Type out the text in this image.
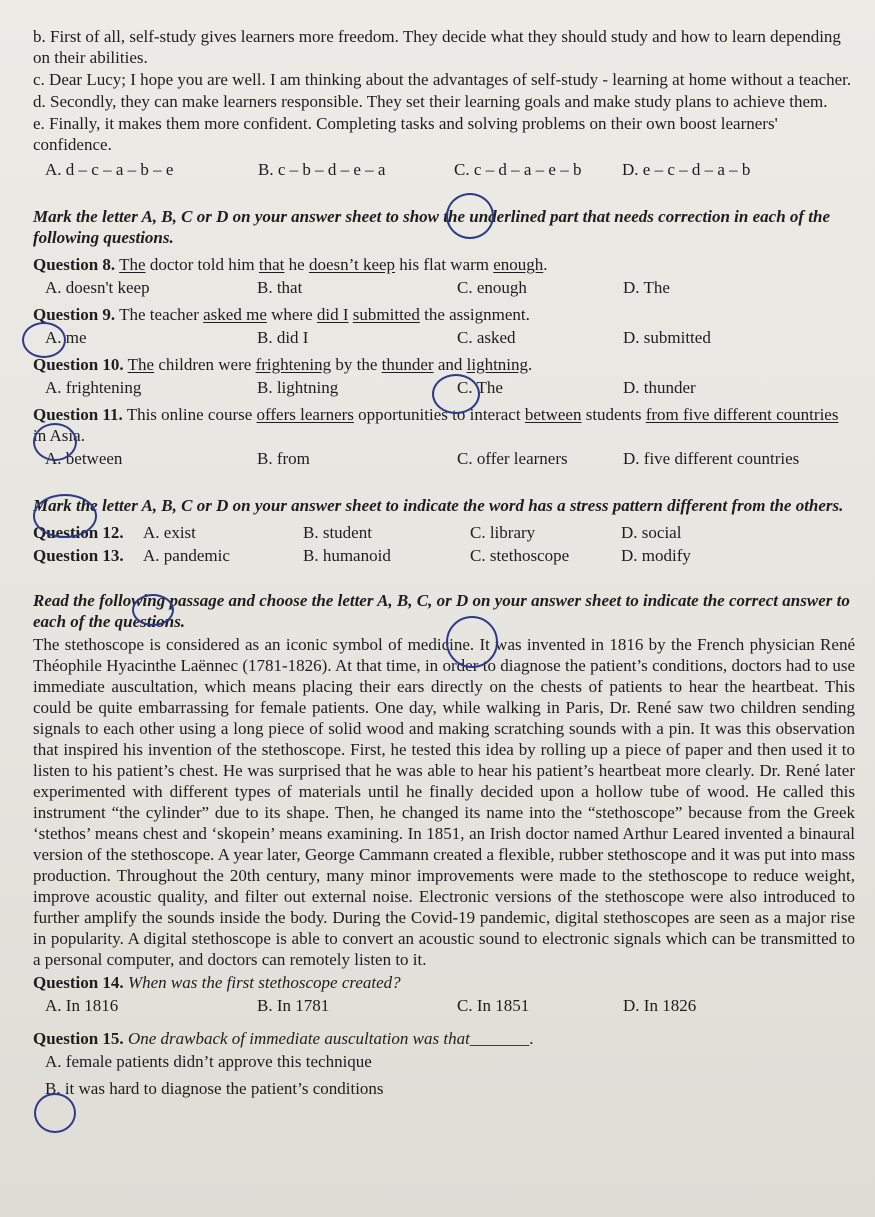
b. First of all, self-study gives learners more freedom. They decide what they should study and how to learn depending on their abilities.

c. Dear Lucy; I hope you are well. I am thinking about the advantages of self-study - learning at home without a teacher.

d. Secondly, they can make learners responsible. They set their learning goals and make study plans to achieve them.

e. Finally, it makes them more confident. Completing tasks and solving problems on their own boost learners' confidence.

A. d – c – a – b – e	B. c – b – d – e – a	C. c – d – a – e – b	D. e – c – d – a – b

Mark the letter A, B, C or D on your answer sheet to show the underlined part that needs correction in each of the following questions.

Question 8. The doctor told him that he doesn’t keep his flat warm enough.

A. doesn't keep	B. that	C. enough	D. The

Question 9. The teacher asked me where did I submitted the assignment.

A. me	B. did I	C. asked	D. submitted

Question 10. The children were frightening by the thunder and lightning.

A. frightening	B. lightning	C. The	D. thunder

Question 11. This online course offers learners opportunities to interact between students from five different countries in Asia.

A. between	B. from	C. offer learners	D. five different countries

Mark the letter A, B, C or D on your answer sheet to indicate the word has a stress pattern different from the others.

Question 12.	A. exist	B. student	C. library	D. social
Question 13.	A. pandemic	B. humanoid	C. stethoscope	D. modify

Read the following passage and choose the letter A, B, C, or D on your answer sheet to indicate the correct answer to each of the questions.

The stethoscope is considered as an iconic symbol of medicine. It was invented in 1816 by the French physician René Théophile Hyacinthe Laënnec (1781-1826). At that time, in order to diagnose the patient’s conditions, doctors had to use immediate auscultation, which means placing their ears directly on the chests of patients to hear the heartbeat. This could be quite embarrassing for female patients. One day, while walking in Paris, Dr. René saw two children sending signals to each other using a long piece of solid wood and making scratching sounds with a pin. It was this observation that inspired his invention of the stethoscope. First, he tested this idea by rolling up a piece of paper and then used it to listen to his patient’s chest. He was surprised that he was able to hear his patient’s heartbeat more clearly. Dr. René later experimented with different types of materials until he finally decided upon a hollow tube of wood. He called this instrument “the cylinder” due to its shape. Then, he changed its name into the “stethoscope” because from the Greek ‘stethos’ means chest and ‘skopein’ means examining. In 1851, an Irish doctor named Arthur Leared invented a binaural version of the stethoscope. A year later, George Cammann created a flexible, rubber stethoscope and it was put into mass production. Throughout the 20th century, many minor improvements were made to the stethoscope to reduce weight, improve acoustic quality, and filter out external noise. Electronic versions of the stethoscope were also introduced to further amplify the sounds inside the body. During the Covid-19 pandemic, digital stethoscopes are seen as a major rise in popularity. A digital stethoscope is able to convert an acoustic sound to electronic signals which can be transmitted to a personal computer, and doctors can remotely listen to it.

Question 14. When was the first stethoscope created?

A. In 1816	B. In 1781	C. In 1851	D. In 1826

Question 15. One drawback of immediate auscultation was that_______.

A. female patients didn’t approve this technique

B. it was hard to diagnose the patient’s conditions
